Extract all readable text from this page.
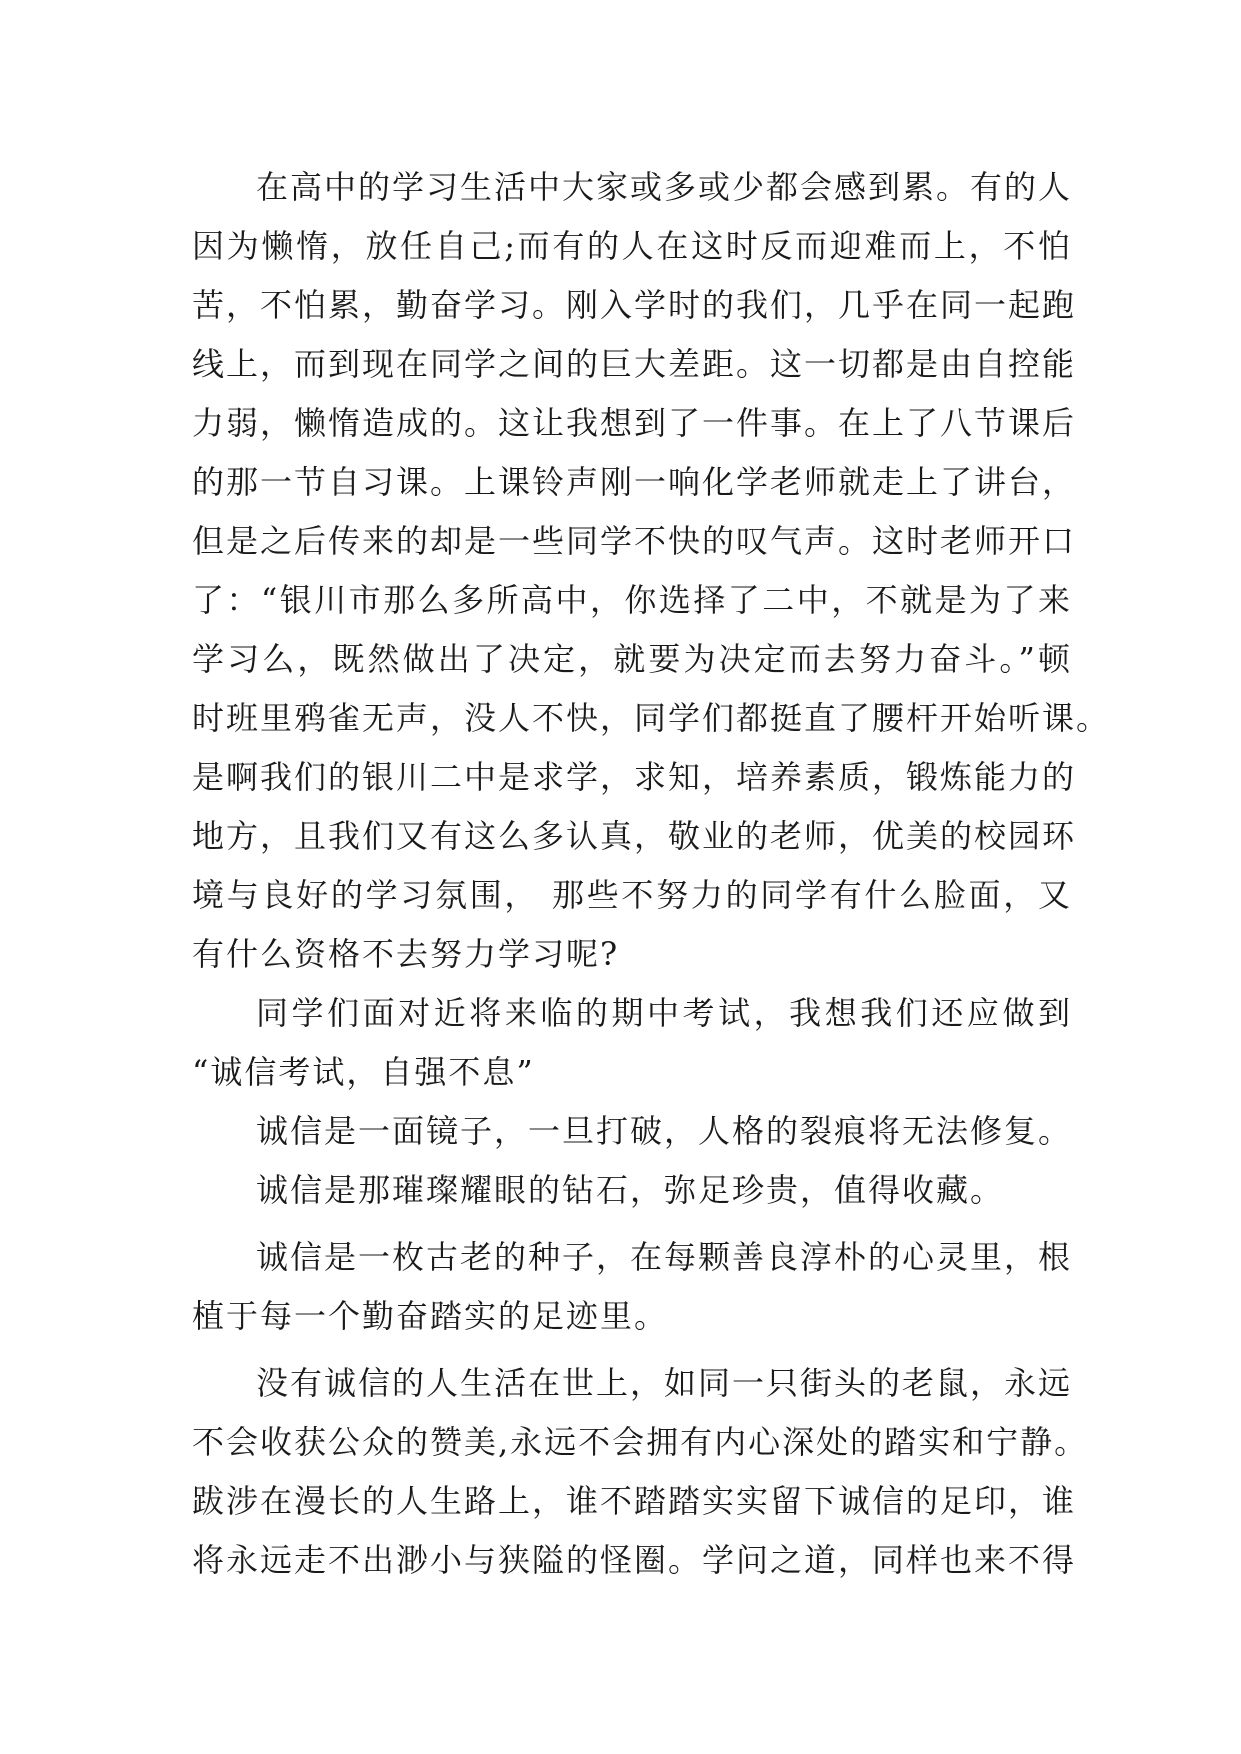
在高中的学习生活中大家或多或少都会感到累。有的人
因为懒惰，放任自己;而有的人在这时反而迎难而上，不怕
苦，不怕累，勤奋学习。刚入学时的我们，几乎在同一起跑
线上，而到现在同学之间的巨大差距。这一切都是由自控能
力弱，懒惰造成的。这让我想到了一件事。在上了八节课后
的那一节自习课。上课铃声刚一响化学老师就走上了讲台，
但是之后传来的却是一些同学不快的叹气声。这时老师开口
了：“银川市那么多所高中，你选择了二中，不就是为了来
学习么，既然做出了决定，就要为决定而去努力奋斗。”顿
时班里鸦雀无声，没人不快，同学们都挺直了腰杆开始听课。
是啊我们的银川二中是求学，求知，培养素质，锻炼能力的
地方，且我们又有这么多认真，敬业的老师，优美的校园环
境与良好的学习氛围， 那些不努力的同学有什么脸面，又
有什么资格不去努力学习呢?
同学们面对近将来临的期中考试，我想我们还应做到
“诚信考试，自强不息”
诚信是一面镜子，一旦打破，人格的裂痕将无法修复。
诚信是那璀璨耀眼的钻石，弥足珍贵，值得收藏。
诚信是一枚古老的种子，在每颗善良淳朴的心灵里，根
植于每一个勤奋踏实的足迹里。
没有诚信的人生活在世上，如同一只街头的老鼠，永远
不会收获公众的赞美,永远不会拥有内心深处的踏实和宁静。
跋涉在漫长的人生路上，谁不踏踏实实留下诚信的足印，谁
将永远走不出渺小与狭隘的怪圈。学问之道，同样也来不得
